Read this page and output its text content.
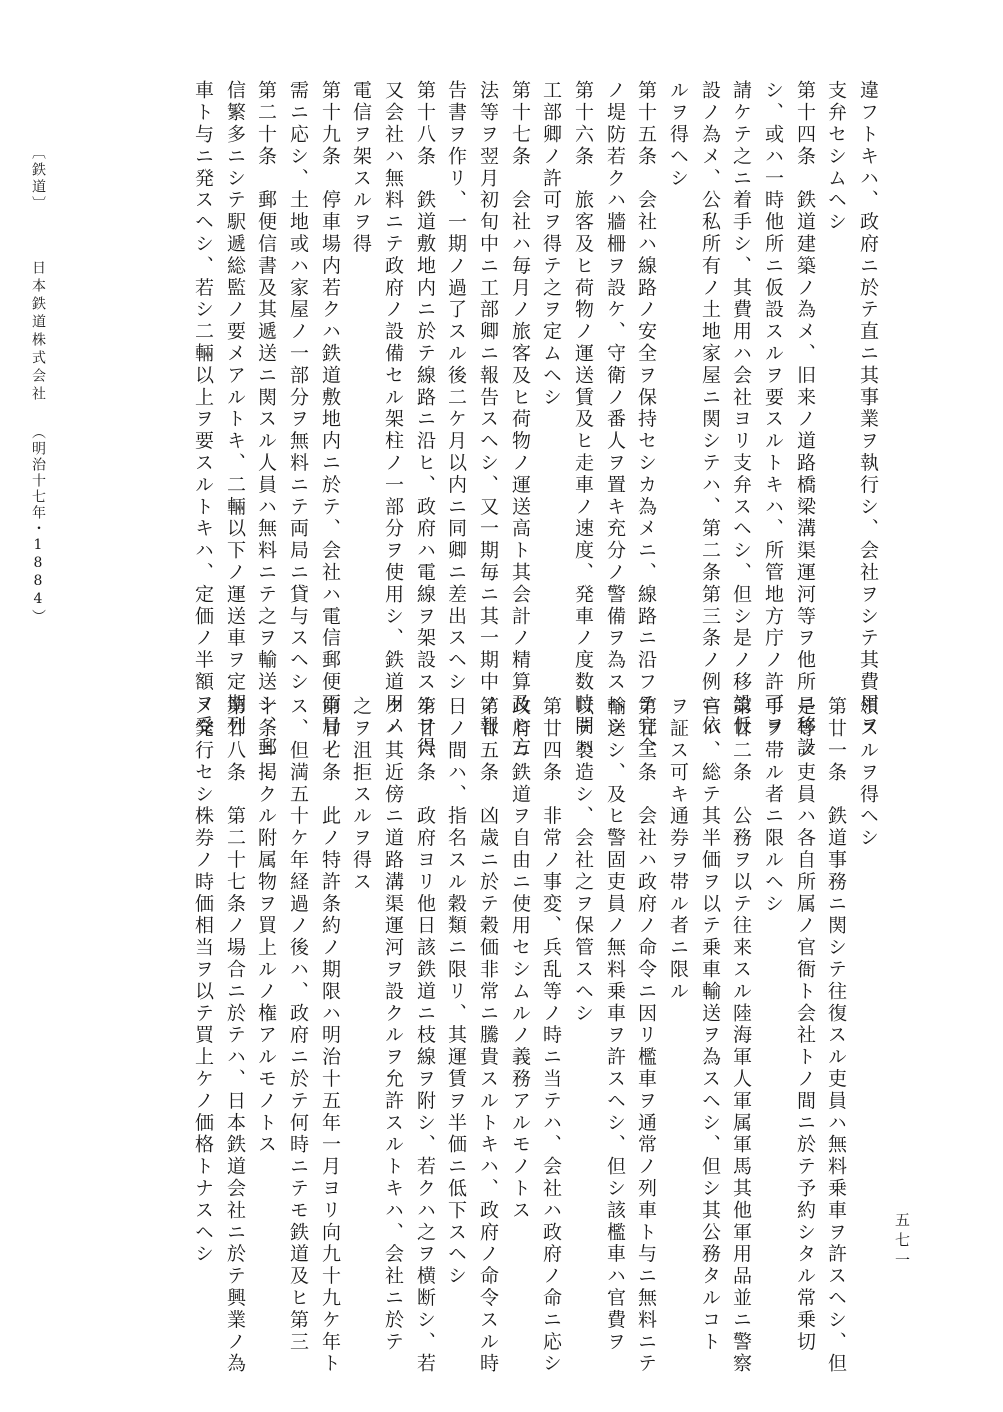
違フトキハ、政府ニ於テ直ニ其事業ヲ執行シ、会社ヲシテ其費用ヲ

支弁セシムヘシ

第十四条　鉄道建築ノ為メ、旧来ノ道路橋梁溝渠運河等ヲ他所ニ移設

シ、或ハ一時他所ニ仮設スルヲ要スルトキハ、所管地方庁ノ許可ヲ

請ケテ之ニ着手シ、其費用ハ会社ヨリ支弁スヘシ、但シ是ノ移設仮

設ノ為メ、公私所有ノ土地家屋ニ関シテハ、第二条第三条ノ例ニ依

ルヲ得ヘシ

第十五条　会社ハ線路ノ安全ヲ保持セシカ為メニ、線路ニ沿フテ完全

ノ堤防若クハ牆柵ヲ設ケ、守衛ノ番人ヲ置キ充分ノ警備ヲ為スヘシ

第十六条　旅客及ヒ荷物ノ運送賃及ヒ走車ノ速度、発車ノ度数時間ハ

工部卿ノ許可ヲ得テ之ヲ定ムヘシ

第十七条　会社ハ毎月ノ旅客及ヒ荷物ノ運送高ト其会計ノ精算及ヒ方

法等ヲ翌月初旬中ニ工部卿ニ報告スヘシ、又一期毎ニ其一期中ノ報

告書ヲ作リ、一期ノ過了スル後二ケ月以内ニ同卿ニ差出スヘシ

第十八条　鉄道敷地内ニ於テ線路ニ沿ヒ、政府ハ電線ヲ架設スルヲ得

又会社ハ無料ニテ政府ノ設備セル架柱ノ一部分ヲ使用シ、鉄道用ノ

電信ヲ架スルヲ得

第十九条　停車場内若クハ鉄道敷地内ニ於テ、会社ハ電信郵便両局ノ

需ニ応シ、土地或ハ家屋ノ一部分ヲ無料ニテ両局ニ貸与スヘシ

第二十条　郵便信書及其遞送ニ関スル人員ハ無料ニテ之ヲ輸送シ、郵

信繁多ニシテ駅遞総監ノ要メアルトキ、二輛以下ノ運送車ヲ定期列

車ト与ニ発スヘシ、若シ二輛以上ヲ要スルトキハ、定価ノ半額ヲ受

領スルヲ得ヘシ

第廿一条　鉄道事務ニ関シテ往復スル吏員ハ無料乗車ヲ許スヘシ、但

是等ノ吏員ハ各自所属ノ官衙ト会社トノ間ニ於テ予約シタル常乗切

手ヲ帯ル者ニ限ルヘシ

第廿二条　公務ヲ以テ往来スル陸海軍人軍属軍馬其他軍用品並ニ警察

官ハ、総テ其半価ヲ以テ乗車輸送ヲ為スヘシ、但シ其公務タルコト

ヲ証ス可キ通券ヲ帯ル者ニ限ル

第廿三条　会社ハ政府ノ命令ニ因リ檻車ヲ通常ノ列車ト与ニ無料ニテ

輸送シ、及ヒ警固吏員ノ無料乗車ヲ許スヘシ、但シ該檻車ハ官費ヲ

以テ製造シ、会社之ヲ保管スヘシ

第廿四条　非常ノ事変、兵乱等ノ時ニ当テハ、会社ハ政府ノ命ニ応シ

政府ニ鉄道ヲ自由ニ使用セシムルノ義務アルモノトス

第廿五条　凶歳ニ於テ穀価非常ニ騰貴スルトキハ、政府ノ命令スル時

日ノ間ハ、指名スル穀類ニ限リ、其運賃ヲ半価ニ低下スヘシ

第廿六条　政府ヨリ他日該鉄道ニ枝線ヲ附シ、若クハ之ヲ横断シ、若

クハ其近傍ニ道路溝渠運河ヲ設クルヲ允許スルトキハ、会社ニ於テ

之ヲ沮拒スルヲ得ス

第廿七条　此ノ特許条約ノ期限ハ明治十五年一月ヨリ向九十九ケ年ト

ス、但満五十ケ年経過ノ後ハ、政府ニ於テ何時ニテモ鉄道及ヒ第三

十条ニ掲クル附属物ヲ買上ルノ権アルモノトス

第廿八条　第二十七条ノ場合ニ於テハ、日本鉄道会社ニ於テ興業ノ為

メ発行セシ株券ノ時価相当ヲ以テ買上ケノ価格トナスヘシ

〔鉄道〕
日本鉄道株式会社
（明治十七年・1884）
五七一
